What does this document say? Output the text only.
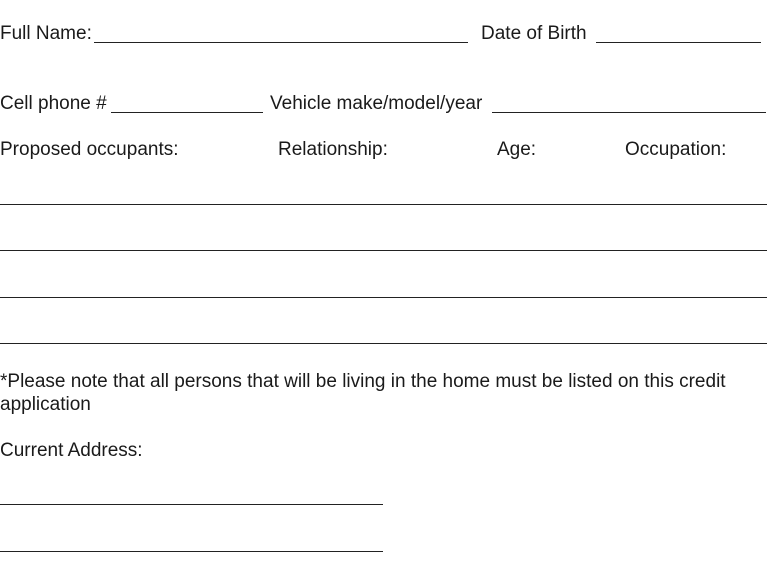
Full Name:	Date of Birth
Cell phone #	Vehicle make/model/year
Proposed occupants:	Relationship:	Age:	Occupation:
*Please note that all persons that will be living in the home must be listed on this credit application
Current Address:
